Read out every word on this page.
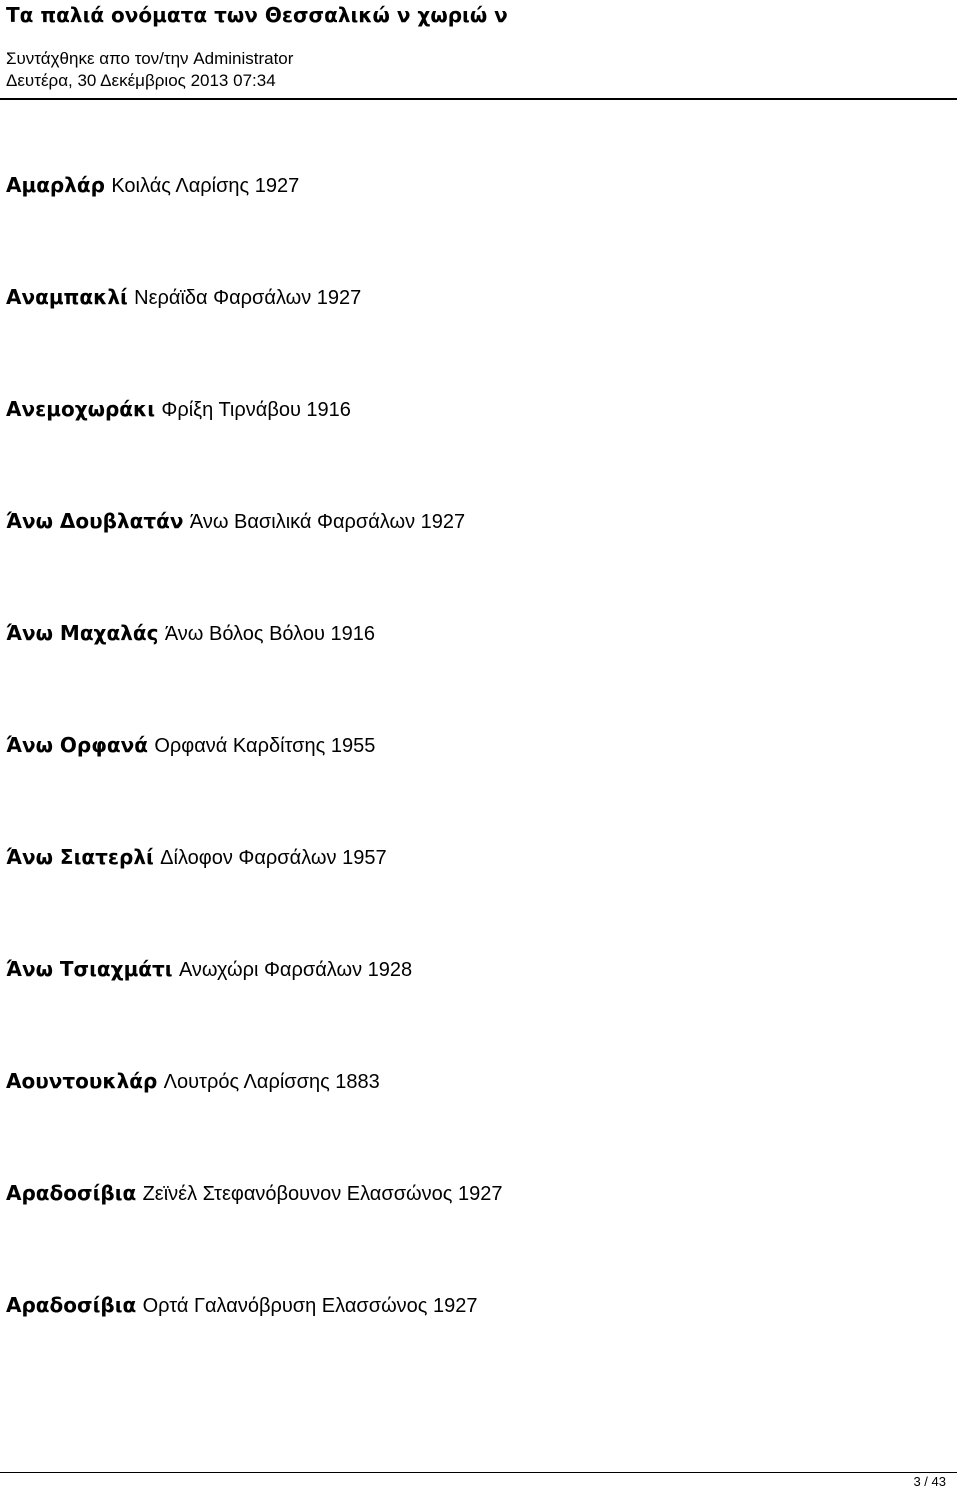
Τα παλιά ονόματα των Θεσσαλικώ ν χωριώ ν
Συντάχθηκε απο τον/την Administrator
Δευτέρα, 30 Δεκέμβριος 2013 07:34
Αμαρλάρ Κοιλάς Λαρίσης 1927
Αναμπακλί Νεράϊδα Φαρσάλων 1927
Ανεμοχωράκι Φρίξη Τιρνάβου 1916
Άνω Δουβλατάν Άνω Βασιλικά Φαρσάλων 1927
Άνω Μαχαλάς Άνω Βόλος Βόλου 1916
Άνω Ορφανά Ορφανά Καρδίτσης 1955
Άνω Σιατερλί Δίλοφον Φαρσάλων 1957
Άνω Τσιαχμάτι Ανωχώρι Φαρσάλων 1928
Αουντουκλάρ Λουτρός Λαρίσσης 1883
Αραδοσίβια Ζεϊνέλ Στεφανόβουνον Ελασσώνος 1927
Αραδοσίβια Ορτά Γαλανόβρυση Ελασσώνος 1927
3 / 43
